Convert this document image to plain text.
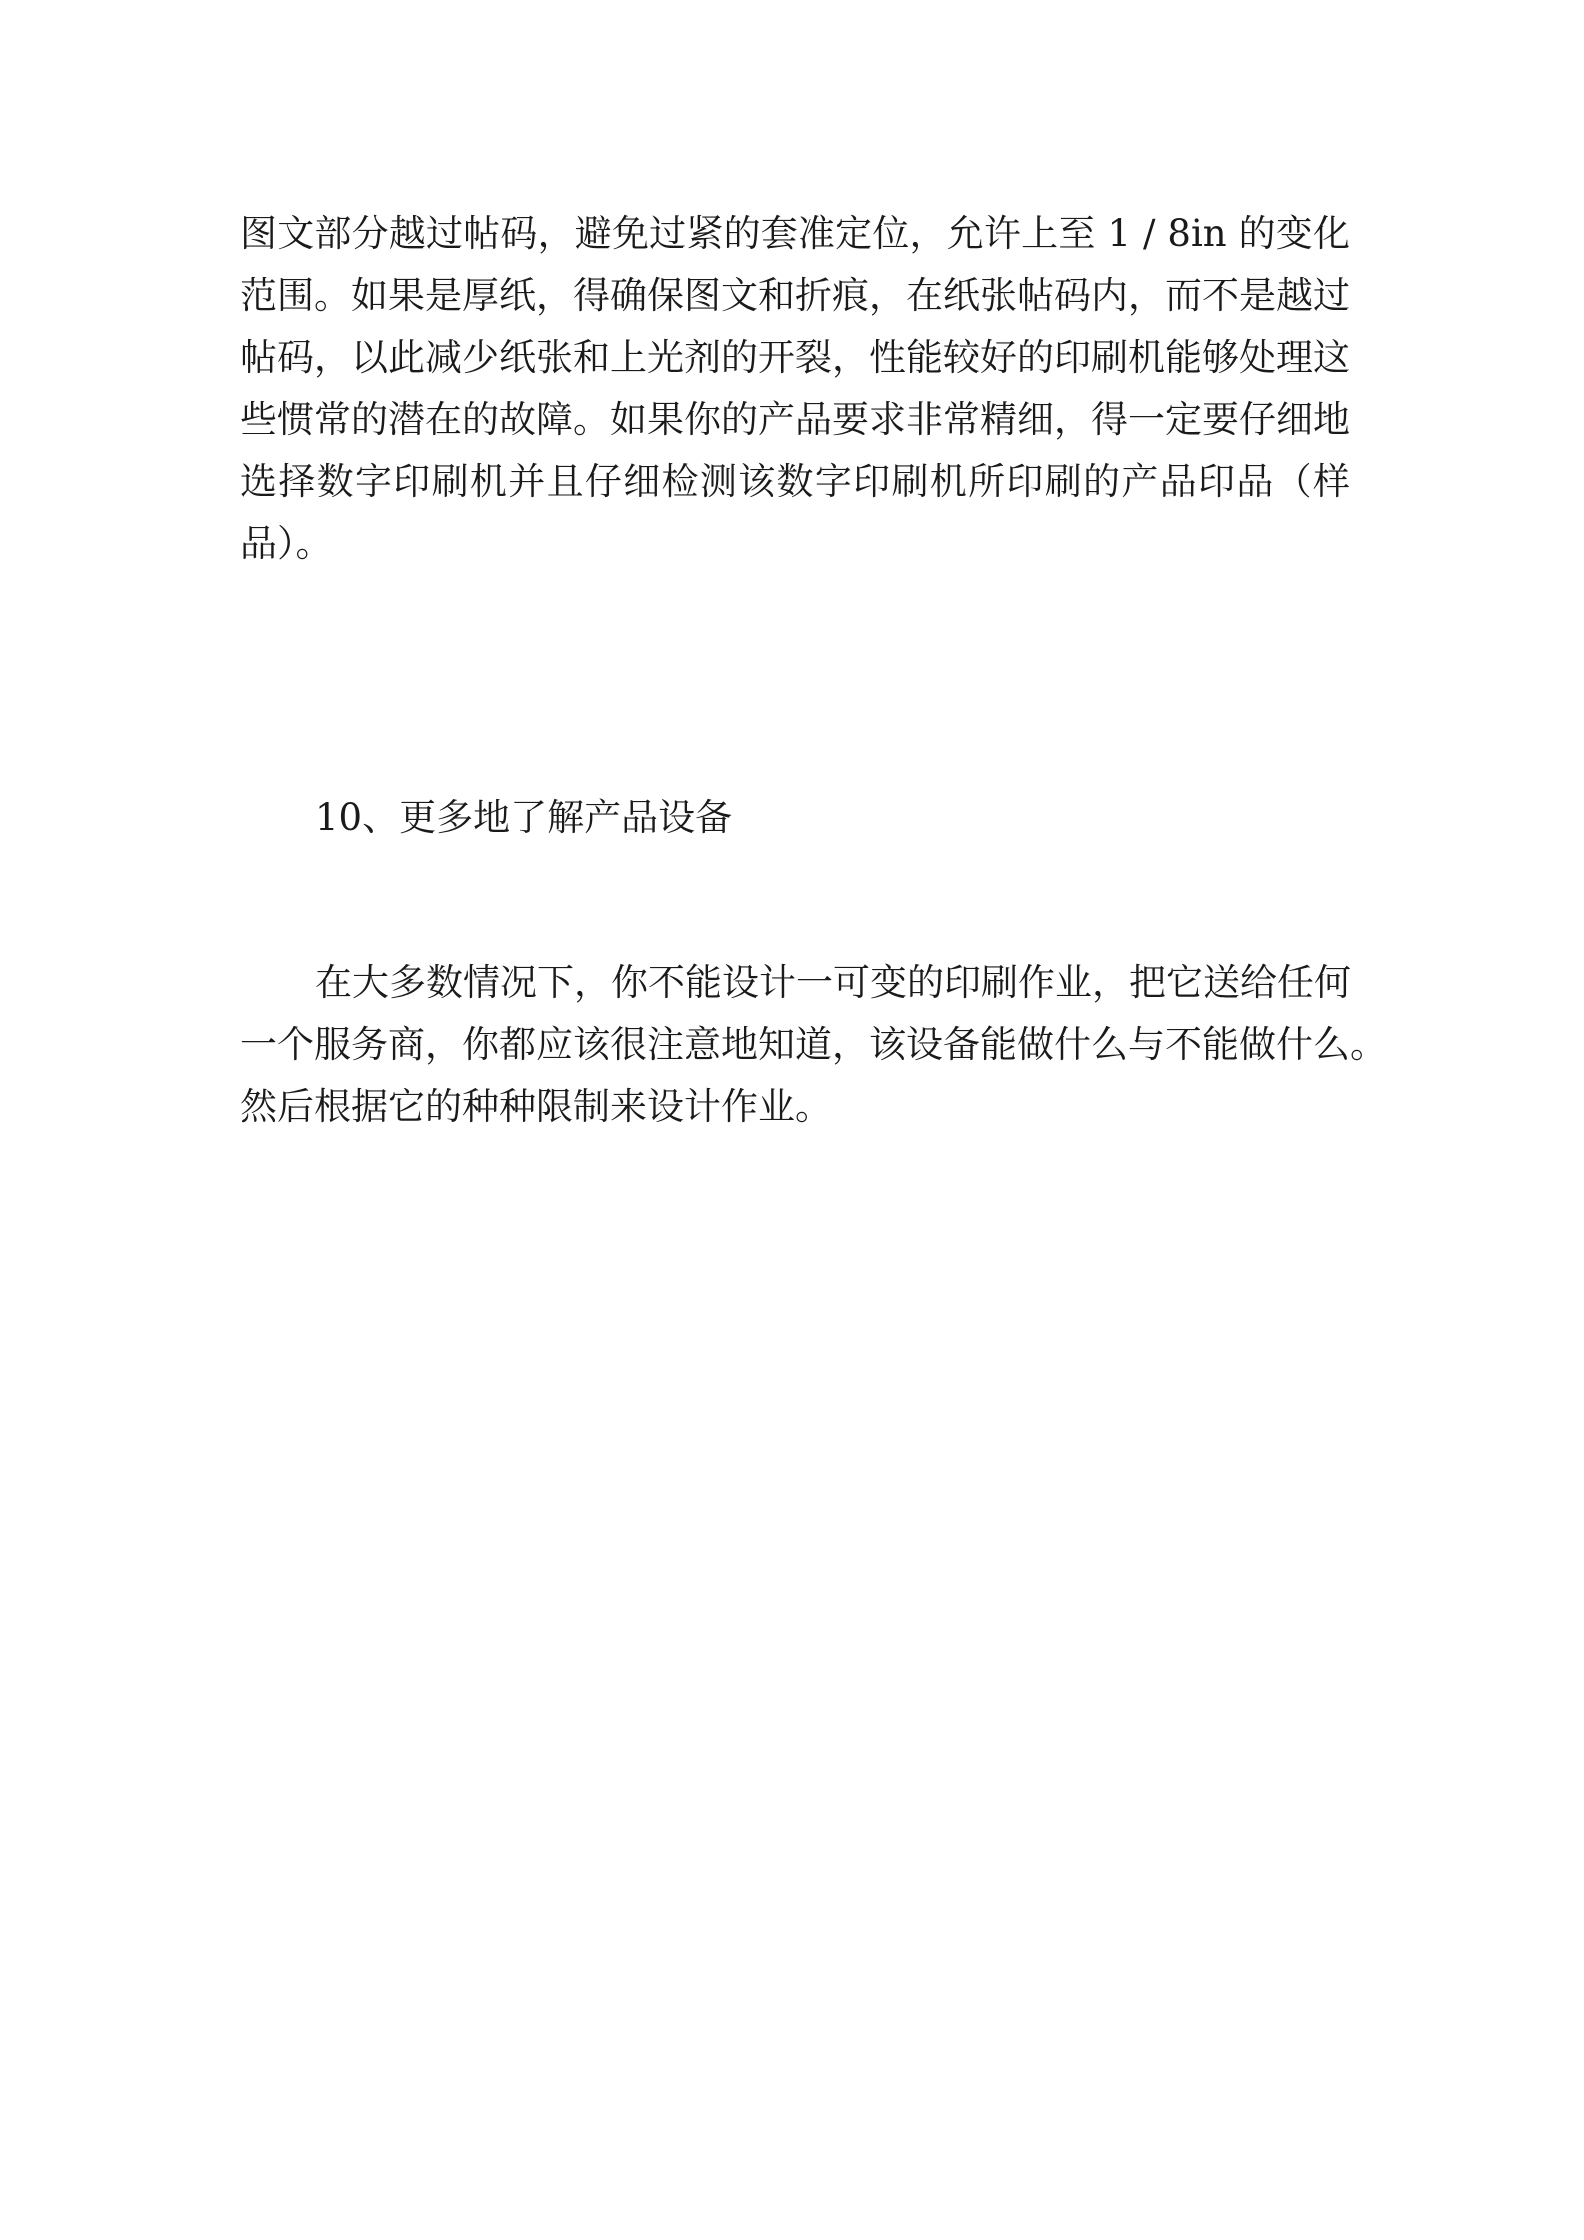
图文部分越过帖码，避免过紧的套准定位，允许上至 1 / 8in 的变化
范围。如果是厚纸，得确保图文和折痕，在纸张帖码内，而不是越过
帖码，以此减少纸张和上光剂的开裂，性能较好的印刷机能够处理这
些惯常的潜在的故障。如果你的产品要求非常精细，得一定要仔细地
选择数字印刷机并且仔细检测该数字印刷机所印刷的产品印品（样
品）。
10、更多地了解产品设备
在大多数情况下，你不能设计一可变的印刷作业，把它送给任何
一个服务商，你都应该很注意地知道，该设备能做什么与不能做什么。
然后根据它的种种限制来设计作业。
